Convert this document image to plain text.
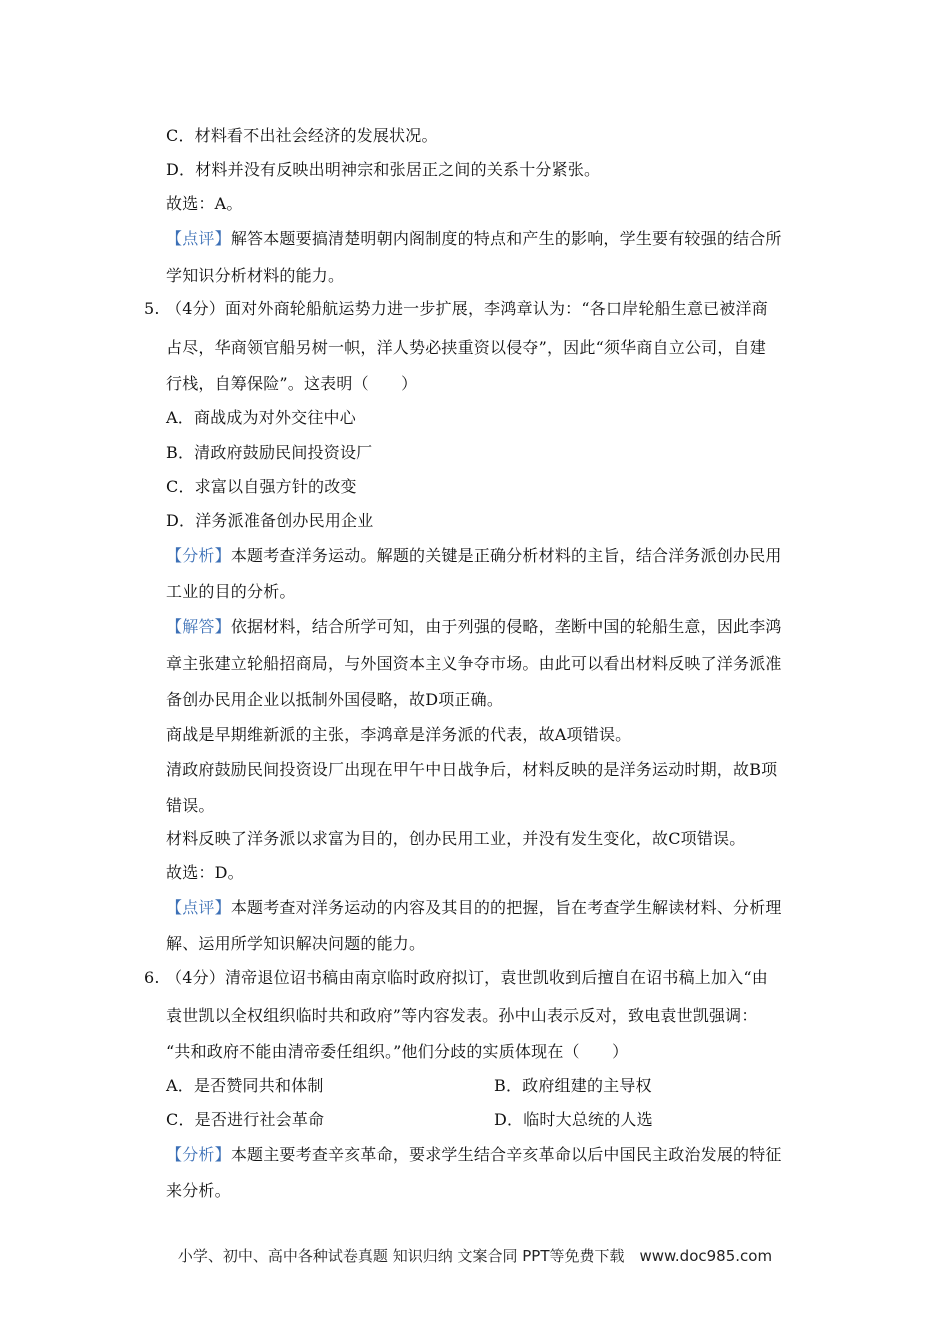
C．材料看不出社会经济的发展状况。
D．材料并没有反映出明神宗和张居正之间的关系十分紧张。
故选：A。
【点评】解答本题要搞清楚明朝内阁制度的特点和产生的影响，学生要有较强的结合所
学知识分析材料的能力。
5. （4分）面对外商轮船航运势力进一步扩展，李鸿章认为：“各口岸轮船生意已被洋商
占尽，华商领官船另树一帜，洋人势必挟重资以侵夺”，因此“须华商自立公司，自建
行栈，自筹保险”。这表明（　　）
A．商战成为对外交往中心
B．清政府鼓励民间投资设厂
C．求富以自强方针的改变
D．洋务派准备创办民用企业
【分析】本题考查洋务运动。解题的关键是正确分析材料的主旨，结合洋务派创办民用
工业的目的分析。
【解答】依据材料，结合所学可知，由于列强的侵略，垄断中国的轮船生意，因此李鸿
章主张建立轮船招商局，与外国资本主义争夺市场。由此可以看出材料反映了洋务派准
备创办民用企业以抵制外国侵略，故D项正确。
商战是早期维新派的主张，李鸿章是洋务派的代表，故A项错误。
清政府鼓励民间投资设厂出现在甲午中日战争后，材料反映的是洋务运动时期，故B项
错误。
材料反映了洋务派以求富为目的，创办民用工业，并没有发生变化，故C项错误。
故选：D。
【点评】本题考查对洋务运动的内容及其目的的把握，旨在考查学生解读材料、分析理
解、运用所学知识解决问题的能力。
6. （4分）清帝退位诏书稿由南京临时政府拟订，袁世凯收到后擅自在诏书稿上加入“由
袁世凯以全权组织临时共和政府”等内容发表。孙中山表示反对，致电袁世凯强调：
“共和政府不能由清帝委任组织。”他们分歧的实质体现在（　　）
A．是否赞同共和体制	B．政府组建的主导权
C．是否进行社会革命	D．临时大总统的人选
【分析】本题主要考查辛亥革命，要求学生结合辛亥革命以后中国民主政治发展的特征
来分析。
小学、初中、高中各种试卷真题 知识归纳 文案合同 PPT等免费下载　www.doc985.com
